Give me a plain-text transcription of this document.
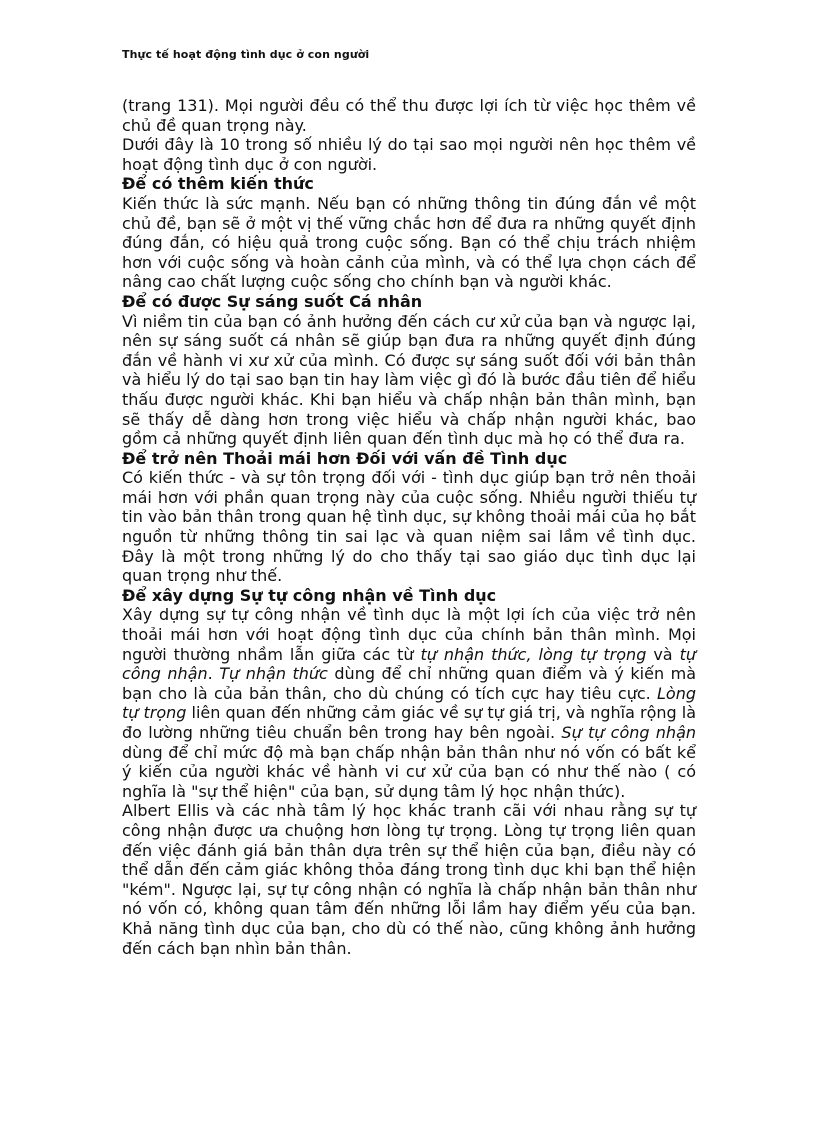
Thực tế hoạt động tình dục ở con người

(trang 131). Mọi người đều có thể thu được lợi ích từ việc học thêm về chủ đề quan trọng này.

Dưới đây là 10 trong số nhiều lý do tại sao mọi người nên học thêm về hoạt động tình dục ở con người.

Để có thêm kiến thức

Kiến thức là sức mạnh. Nếu bạn có những thông tin đúng đắn về một chủ đề, bạn sẽ ở một vị thế vững chắc hơn để đưa ra những quyết định đúng đắn, có hiệu quả trong cuộc sống. Bạn có thể chịu trách nhiệm hơn với cuộc sống và hoàn cảnh của mình, và có thể lựa chọn cách để nâng cao chất lượng cuộc sống cho chính bạn và người khác.

Để có được Sự sáng suốt Cá nhân

Vì niềm tin của bạn có ảnh hưởng đến cách cư xử của bạn và ngược lại, nên sự sáng suốt cá nhân sẽ giúp bạn đưa ra những quyết định đúng đắn về hành vi xư xử của mình. Có được sự sáng suốt đối với bản thân và hiểu lý do tại sao bạn tin hay làm việc gì đó là bước đầu tiên để hiểu thấu được người khác. Khi bạn hiểu và chấp nhận bản thân mình, bạn sẽ thấy dễ dàng hơn trong việc hiểu và chấp nhận người khác, bao gồm cả những quyết định liên quan đến tình dục mà họ có thể đưa ra.

Để trở nên Thoải mái hơn Đối với vấn đề Tình dục

Có kiến thức - và sự tôn trọng đối với - tình dục giúp bạn trở nên thoải mái hơn với phần quan trọng này của cuộc sống. Nhiều người thiếu tự tin vào bản thân trong quan hệ tình dục, sự không thoải mái của họ bắt nguồn từ những thông tin sai lạc và quan niệm sai lầm về tình dục. Đây là một trong những lý do cho thấy tại sao giáo dục tình dục lại quan trọng như thế.

Để xây dựng Sự tự công nhận về Tình dục

Xây dựng sự tự công nhận về tình dục là một lợi ích của việc trở nên thoải mái hơn với hoạt động tình dục của chính bản thân mình. Mọi người thường nhầm lẫn giữa các từ tự nhận thức, lòng tự trọng và tự công nhận. Tự nhận thức dùng để chỉ những quan điểm và ý kiến mà bạn cho là của bản thân, cho dù chúng có tích cực hay tiêu cực. Lòng tự trọng liên quan đến những cảm giác về sự tự giá trị, và nghĩa rộng là đo lường những tiêu chuẩn bên trong hay bên ngoài. Sự tự công nhận dùng để chỉ mức độ mà bạn chấp nhận bản thân như nó vốn có bất kể ý kiến của người khác về hành vi cư xử của bạn có như thế nào ( có nghĩa là "sự thể hiện" của bạn, sử dụng tâm lý học nhận thức).

Albert Ellis và các nhà tâm lý học khác tranh cãi với nhau rằng sự tự công nhận được ưa chuộng hơn lòng tự trọng. Lòng tự trọng liên quan đến việc đánh giá bản thân dựa trên sự thể hiện của bạn, điều này có thể dẫn đến cảm giác không thỏa đáng trong tình dục khi bạn thể hiện "kém". Ngược lại, sự tự công nhận có nghĩa là chấp nhận bản thân như nó vốn có, không quan tâm đến những lỗi lầm hay điểm yếu của bạn. Khả năng tình dục của bạn, cho dù có thế nào, cũng không ảnh hưởng đến cách bạn nhìn bản thân.
